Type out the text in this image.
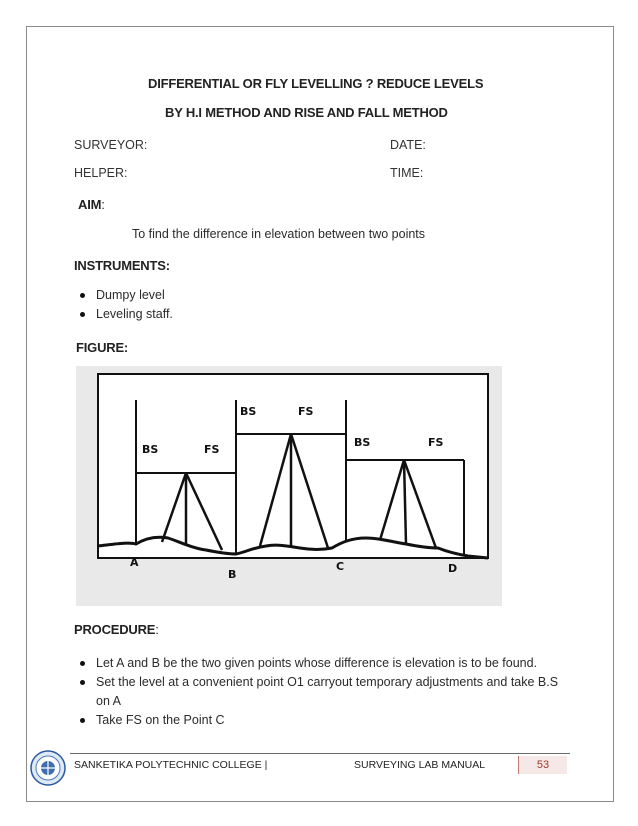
DIFFERENTIAL OR FLY LEVELLING ? REDUCE LEVELS
BY H.I METHOD AND RISE AND FALL METHOD
SURVEYOR:	DATE:
HELPER:	TIME:
AIM:
To find the difference in elevation between two points
INSTRUMENTS:
Dumpy level
Leveling staff.
FIGURE:
BS	FS
BS	FS
BS	FS
A
B
C	D
PROCEDURE:
Let A and B be the two given points whose difference is elevation is to be found.
Set the level at a convenient point O1 carryout temporary adjustments and take B.S on A
Take FS on the Point C
SANKETIKA POLYTECHNIC COLLEGE |	SURVEYING LAB MANUAL	53
